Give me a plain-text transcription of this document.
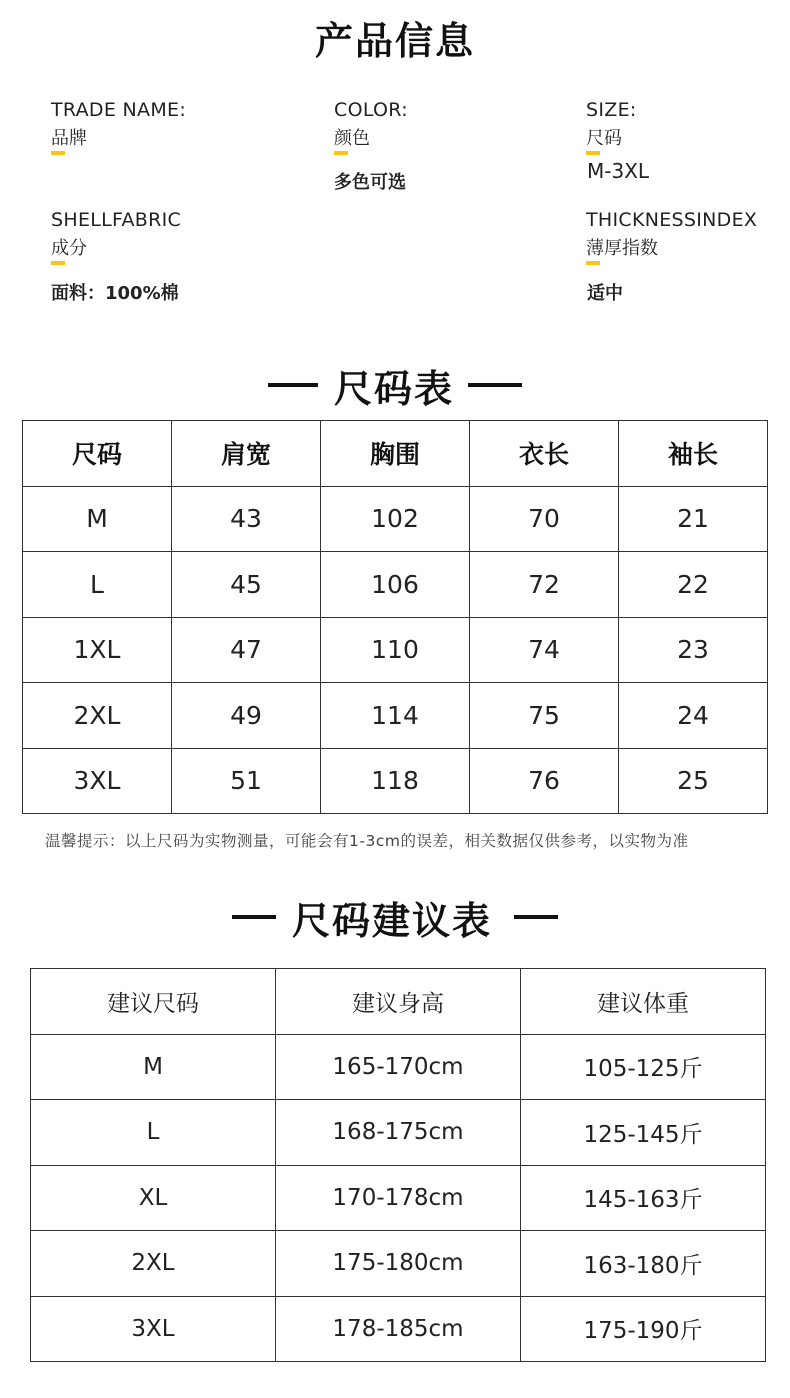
产品信息
TRADE NAME:
品牌
COLOR:
颜色
多色可选
SIZE:
尺码
M-3XL
SHELLFABRIC
成分
面料：100%棉
THICKNESSINDEX
薄厚指数
适中
尺码表
尺码	肩宽	胸围	衣长	袖长
M	43	102	70	21
L	45	106	72	22
1XL	47	110	74	23
2XL	49	114	75	24
3XL	51	118	76	25
温馨提示：以上尺码为实物测量，可能会有1-3cm的误差，相关数据仅供参考，以实物为准
尺码建议表
建议尺码	建议身高	建议体重
M	165-170cm	105-125斤
L	168-175cm	125-145斤
XL	170-178cm	145-163斤
2XL	175-180cm	163-180斤
3XL	178-185cm	175-190斤
